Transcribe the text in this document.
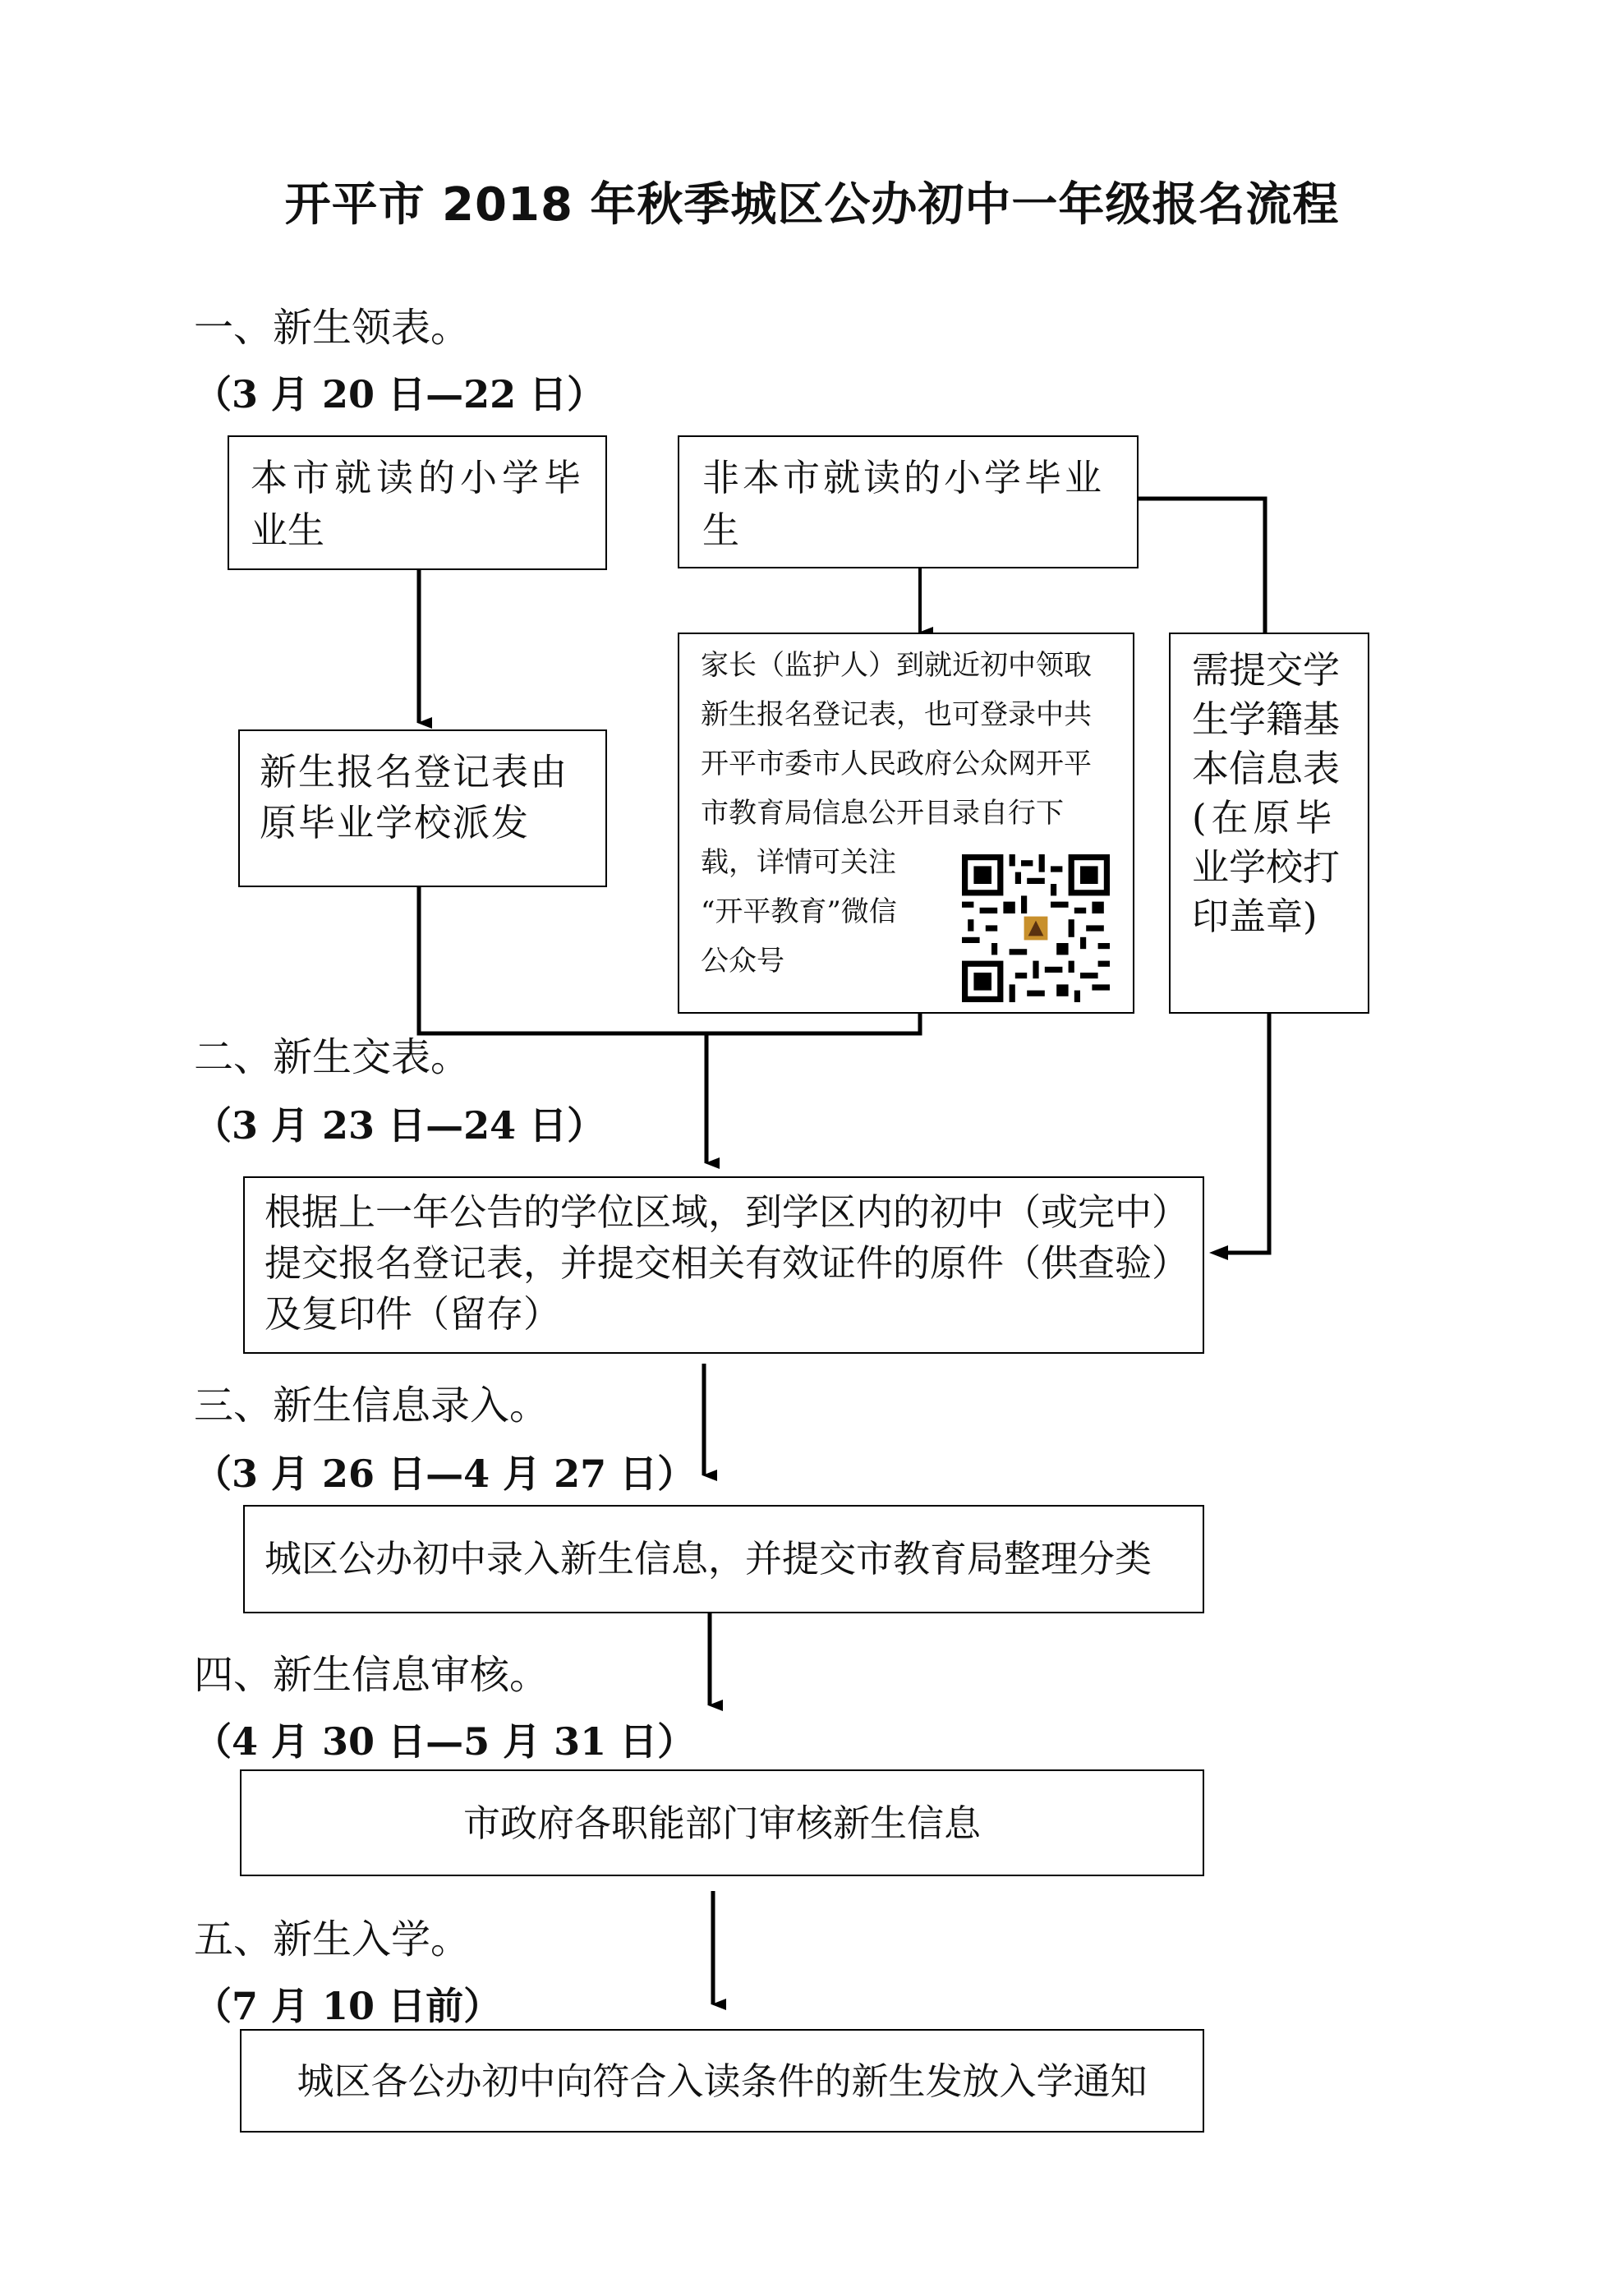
开平市 2018 年秋季城区公办初中一年级报名流程
一、新生领表。
（3 月 20 日—22 日）
二、新生交表。
（3 月 23 日—24 日）
三、新生信息录入。
（3 月 26 日—4 月 27 日）
四、新生信息审核。
（4 月 30 日—5 月 31 日）
五、新生入学。
（7 月 10 日前）
本市就读的小学毕
业生
非本市就读的小学毕业
生
新生报名登记表由
原毕业学校派发
家长（监护人）到就近初中领取
新生报名登记表，也可登录中共
开平市委市人民政府公众网开平
市教育局信息公开目录自行下
载，详情可关注
“开平教育”微信
公众号
需提交学
生学籍基
本信息表
(在原毕
业学校打
印盖章)
根据上一年公告的学位区域，到学区内的初中（或完中）
提交报名登记表，并提交相关有效证件的原件（供查验）
及复印件（留存）
城区公办初中录入新生信息，并提交市教育局整理分类
市政府各职能部门审核新生信息
城区各公办初中向符合入读条件的新生发放入学通知
